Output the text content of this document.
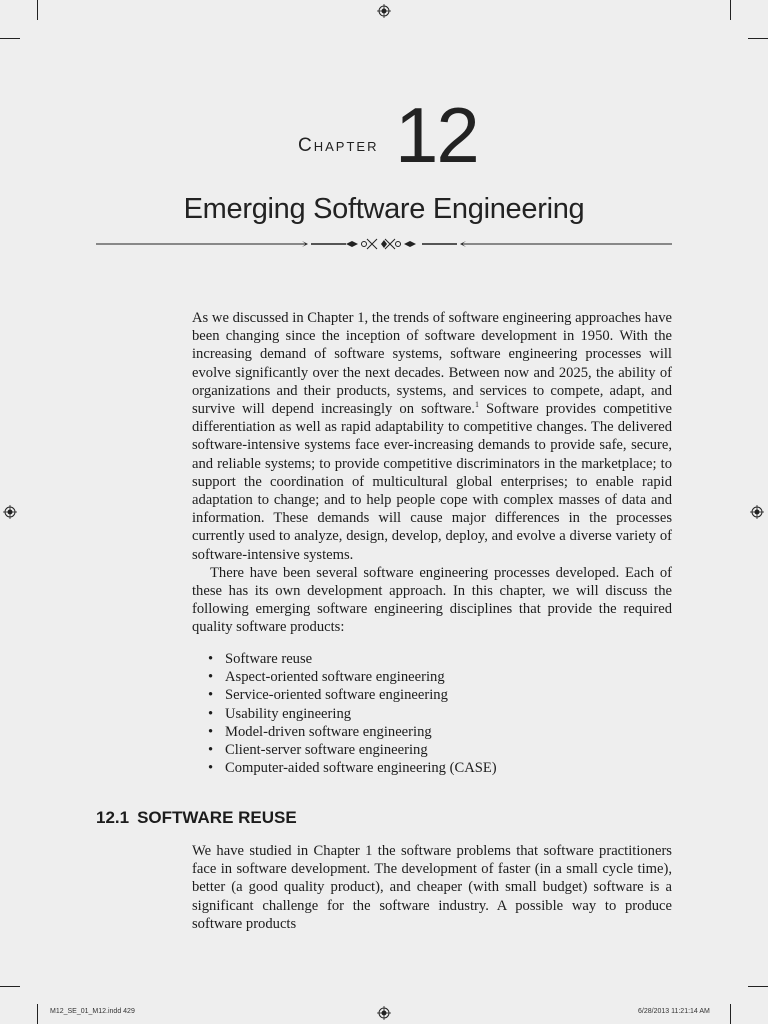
Chapter 12
Emerging Software Engineering

As we discussed in Chapter 1, the trends of software engineering approaches have been changing since the inception of software development in 1950. With the increasing demand of software systems, software engineering processes will evolve significantly over the next decades. Between now and 2025, the ability of organizations and their products, systems, and services to compete, adapt, and survive will depend increasingly on software.$^1$ Software provides competitive differentiation as well as rapid adaptability to competitive changes. The delivered software-intensive systems face ever-increasing demands to provide safe, secure, and reliable systems; to provide competitive discriminators in the marketplace; to support the coordination of multicultural global enterprises; to enable rapid adaptation to change; and to help people cope with complex masses of data and information. These demands will cause major differences in the processes currently used to analyze, design, develop, deploy, and evolve a diverse variety of software-intensive systems.

There have been several software engineering processes developed. Each of these has its own development approach. In this chapter, we will discuss the following emerging software engineering disciplines that provide the required quality software products:

• Software reuse
• Aspect-oriented software engineering
• Service-oriented software engineering
• Usability engineering
• Model-driven software engineering
• Client-server software engineering
• Computer-aided software engineering (CASE)
12.1 SOFTWARE REUSE

We have studied in Chapter 1 the software problems that software practitioners face in software development. The development of faster (in a small cycle time), better (a good quality product), and cheaper (with small budget) software is a significant challenge for the software industry. A possible way to produce software products

M12_SE_01_M12.indd 429	6/28/2013 11:21:14 AM
